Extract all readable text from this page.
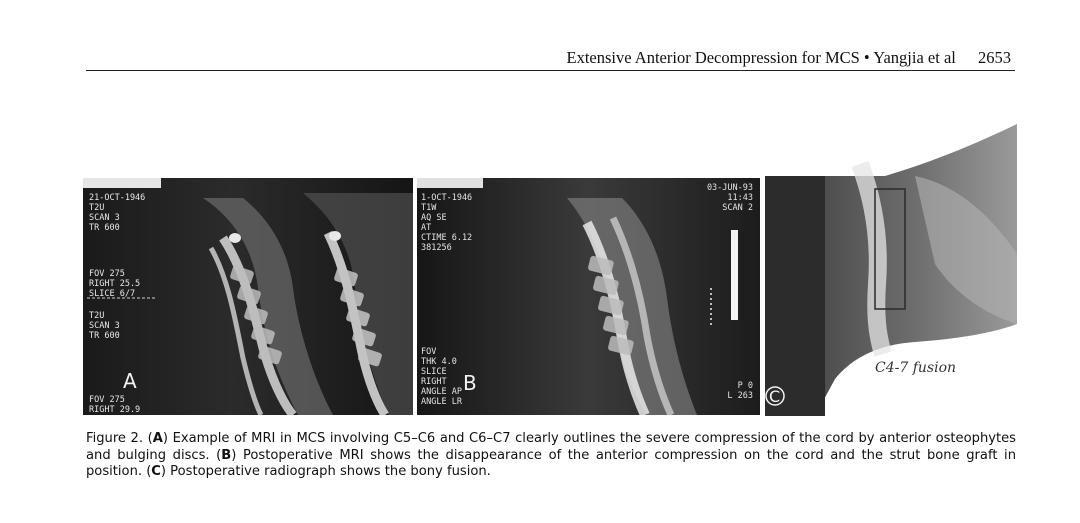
Extensive Anterior Decompression for MCS • Yangjia et al 2653
21-OCT-1946
T2U
SCAN 3
TR 600
FOV 275
RIGHT 25.5
SLICE 6/7
T2U
SCAN 3
TR 600
FOV 275
RIGHT 29.9
A
1-OCT-1946
T1W
AQ SE
AT
CTIME 6.12
381256
03-JUN-93
11:43
SCAN 2
FOV
THK 4.0
SLICE
RIGHT
ANGLE AP
ANGLE LR
P 0
L 263
B
C
C4-7 fusion

Figure 2. (A) Example of MRI in MCS involving C5–C6 and C6–C7 clearly outlines the severe compression of the cord by anterior osteophytes and bulging discs. (B) Postoperative MRI shows the disappearance of the anterior compression on the cord and the strut bone graft in position. (C) Postoperative radiograph shows the bony fusion.
